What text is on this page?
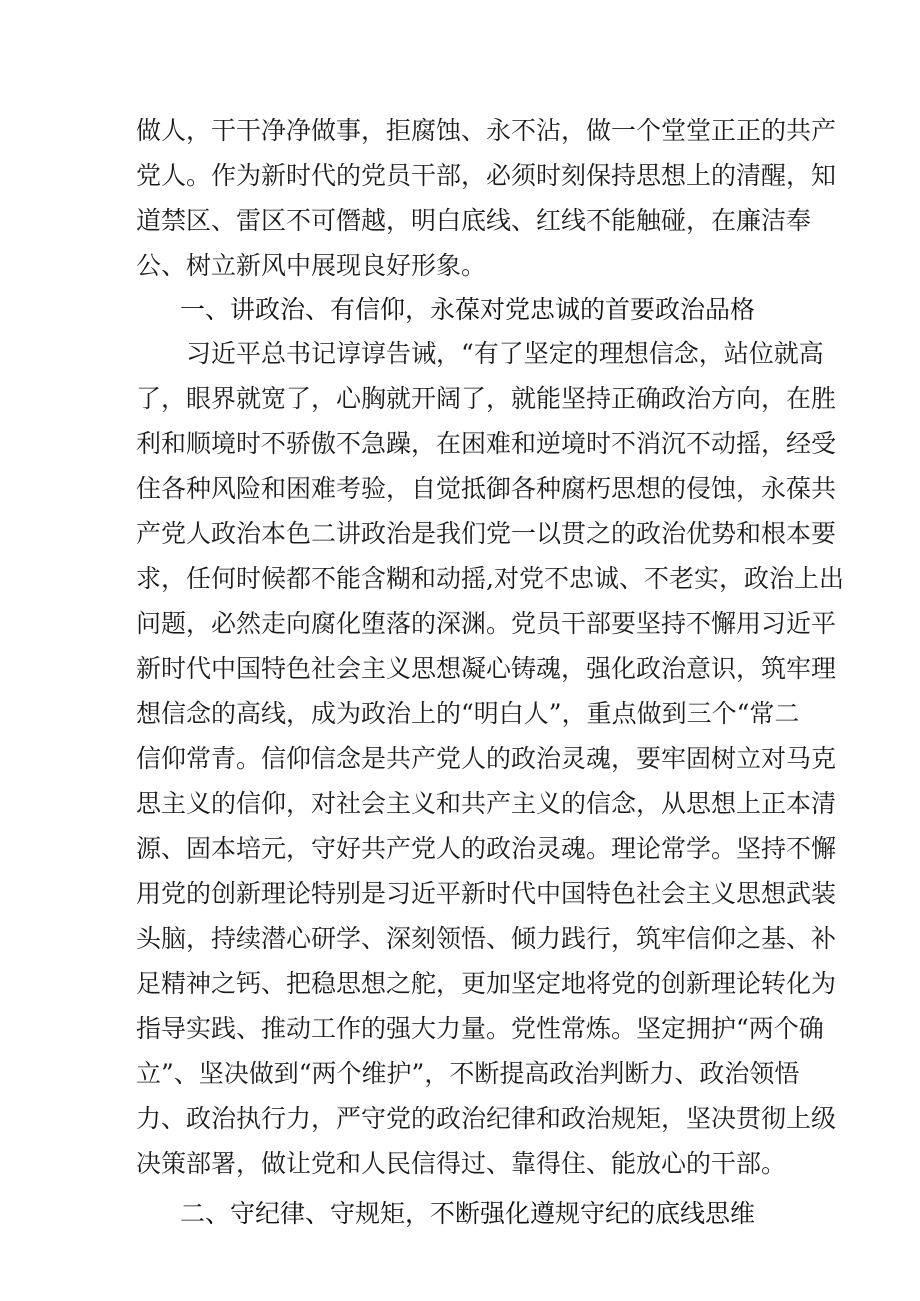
做人，干干净净做事，拒腐蚀、永不沾，做一个堂堂正正的共产
党人。作为新时代的党员干部，必须时刻保持思想上的清醒，知
道禁区、雷区不可僭越，明白底线、红线不能触碰，在廉洁奉
公、树立新风中展现良好形象。
一、讲政治、有信仰，永葆对党忠诚的首要政治品格
习近平总书记谆谆告诫，“有了坚定的理想信念，站位就高
了，眼界就宽了，心胸就开阔了，就能坚持正确政治方向，在胜
利和顺境时不骄傲不急躁，在困难和逆境时不消沉不动摇，经受
住各种风险和困难考验，自觉抵御各种腐朽思想的侵蚀，永葆共
产党人政治本色二讲政治是我们党一以贯之的政治优势和根本要
求，任何时候都不能含糊和动摇,对党不忠诚、不老实，政治上出
问题，必然走向腐化堕落的深渊。党员干部要坚持不懈用习近平
新时代中国特色社会主义思想凝心铸魂，强化政治意识，筑牢理
想信念的高线，成为政治上的“明白人”，重点做到三个“常二
信仰常青。信仰信念是共产党人的政治灵魂，要牢固树立对马克
思主义的信仰，对社会主义和共产主义的信念，从思想上正本清
源、固本培元，守好共产党人的政治灵魂。理论常学。坚持不懈
用党的创新理论特别是习近平新时代中国特色社会主义思想武装
头脑，持续潜心研学、深刻领悟、倾力践行，筑牢信仰之基、补
足精神之钙、把稳思想之舵，更加坚定地将党的创新理论转化为
指导实践、推动工作的强大力量。党性常炼。坚定拥护“两个确
立”、坚决做到“两个维护”，不断提高政治判断力、政治领悟
力、政治执行力，严守党的政治纪律和政治规矩，坚决贯彻上级
决策部署，做让党和人民信得过、靠得住、能放心的干部。
二、守纪律、守规矩，不断强化遵规守纪的底线思维
